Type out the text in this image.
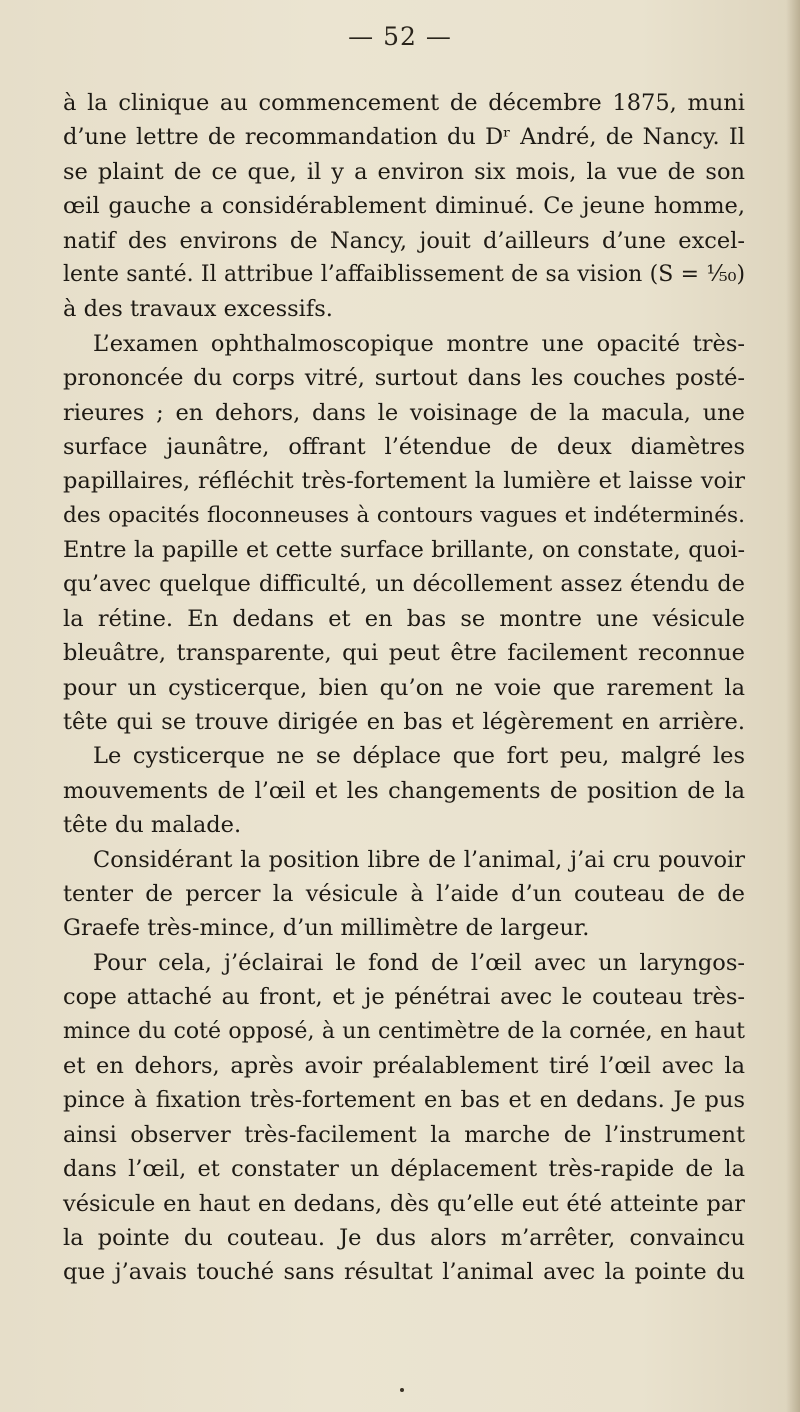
— 52 —
à la clinique au commencement de décembre 1875, muni
d’une lettre de recommandation du Dʳ André, de Nancy. Il
se plaint de ce que, il y a environ six mois, la vue de son
œil gauche a considérablement diminué. Ce jeune homme,
natif des environs de Nancy, jouit d’ailleurs d’une excel-
lente santé. Il attribue l’affaiblissement de sa vision (S = ¹⁄₅₀)
à des travaux excessifs.
L’examen ophthalmoscopique montre une opacité très-
prononcée du corps vitré, surtout dans les couches posté-
rieures ; en dehors, dans le voisinage de la macula, une
surface jaunâtre, offrant l’étendue de deux diamètres
papillaires, réfléchit très-fortement la lumière et laisse voir
des opacités floconneuses à contours vagues et indéterminés.
Entre la papille et cette surface brillante, on constate, quoi-
qu’avec quelque difficulté, un décollement assez étendu de
la rétine. En dedans et en bas se montre une vésicule
bleuâtre, transparente, qui peut être facilement reconnue
pour un cysticerque, bien qu’on ne voie que rarement la
tête qui se trouve dirigée en bas et légèrement en arrière.
Le cysticerque ne se déplace que fort peu, malgré les
mouvements de l’œil et les changements de position de la
tête du malade.
Considérant la position libre de l’animal, j’ai cru pouvoir
tenter de percer la vésicule à l’aide d’un couteau de de
Graefe très-mince, d’un millimètre de largeur.
Pour cela, j’éclairai le fond de l’œil avec un laryngos-
cope attaché au front, et je pénétrai avec le couteau très-
mince du coté opposé, à un centimètre de la cornée, en haut
et en dehors, après avoir préalablement tiré l’œil avec la
pince à fixation très-fortement en bas et en dedans. Je pus
ainsi observer très-facilement la marche de l’instrument
dans l’œil, et constater un déplacement très-rapide de la
vésicule en haut en dedans, dès qu’elle eut été atteinte par
la pointe du couteau. Je dus alors m’arrêter, convaincu
que j’avais touché sans résultat l’animal avec la pointe du
